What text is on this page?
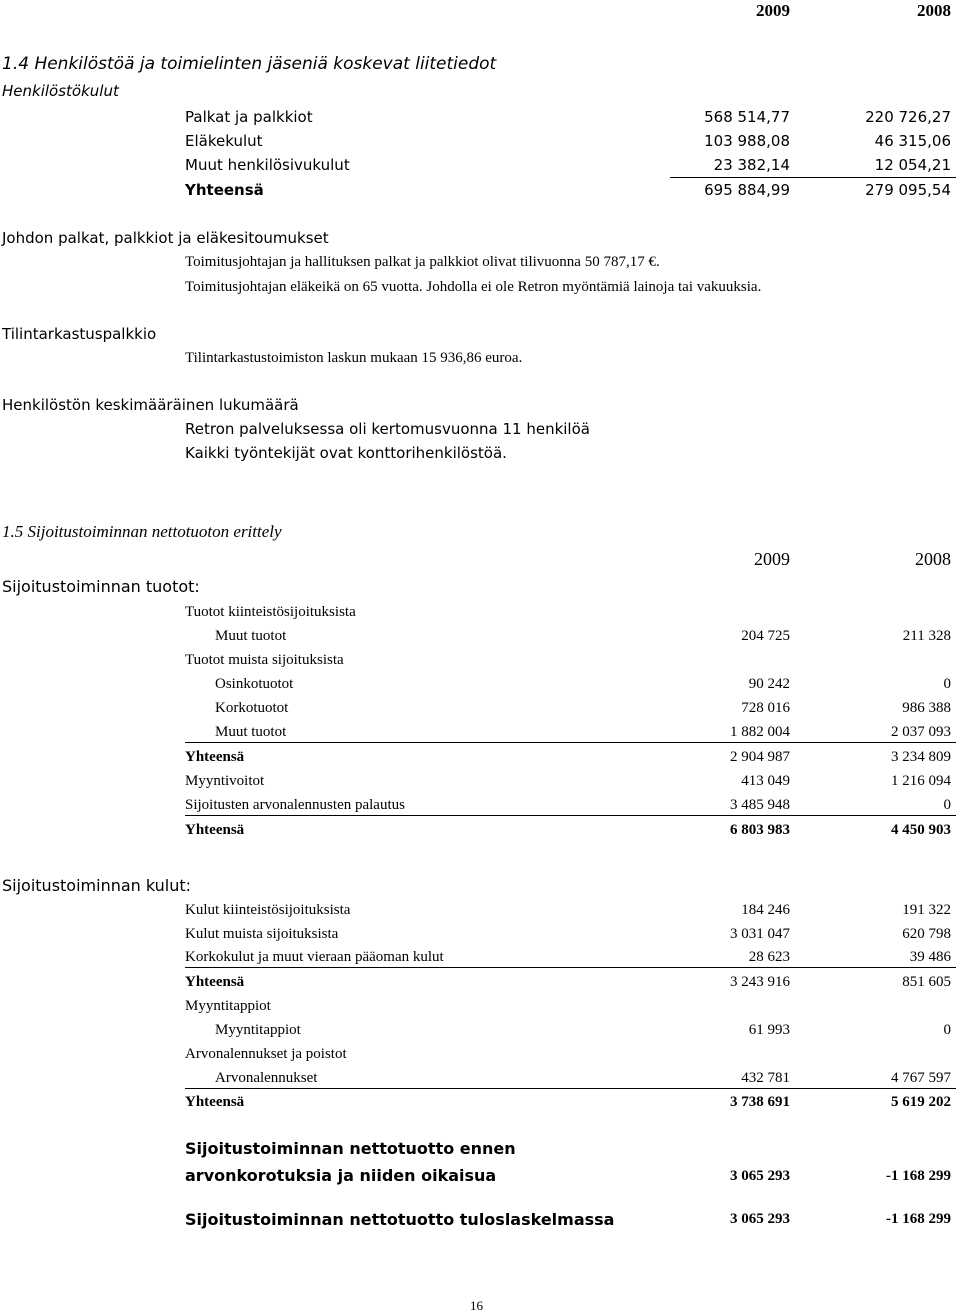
2009	2008
1.4 Henkilöstöä ja toimielinten jäseniä koskevat liitetiedot
Henkilöstökulut
Palkat ja palkkiot	568 514,77	220 726,27
Eläkekulut	103 988,08	46 315,06
Muut henkilösivukulut	23 382,14	12 054,21
Yhteensä	695 884,99	279 095,54
Johdon palkat, palkkiot ja eläkesitoumukset
Toimitusjohtajan ja hallituksen palkat ja palkkiot olivat tilivuonna 50 787,17 €.
Toimitusjohtajan eläkeikä on 65 vuotta. Johdolla ei ole Retron myöntämiä lainoja tai vakuuksia.
Tilintarkastuspalkkio
Tilintarkastustoimiston laskun mukaan 15 936,86 euroa.
Henkilöstön keskimääräinen lukumäärä
Retron palveluksessa oli kertomusvuonna 11 henkilöä
Kaikki työntekijät ovat konttorihenkilöstöä.
1.5 Sijoitustoiminnan nettotuoton erittely
2009	2008
Sijoitustoiminnan tuotot:
Tuotot kiinteistösijoituksista
Muut tuotot	204 725	211 328
Tuotot muista sijoituksista
Osinkotuotot	90 242	0
Korkotuotot	728 016	986 388
Muut tuotot	1 882 004	2 037 093
Yhteensä	2 904 987	3 234 809
Myyntivoitot	413 049	1 216 094
Sijoitusten arvonalennusten palautus	3 485 948	0
Yhteensä	6 803 983	4 450 903
Sijoitustoiminnan kulut:
Kulut kiinteistösijoituksista	184 246	191 322
Kulut muista sijoituksista	3 031 047	620 798
Korkokulut ja muut vieraan pääoman kulut	28 623	39 486
Yhteensä	3 243 916	851 605
Myyntitappiot
Myyntitappiot	61 993	0
Arvonalennukset ja poistot
Arvonalennukset	432 781	4 767 597
Yhteensä	3 738 691	5 619 202
Sijoitustoiminnan nettotuotto ennen
arvonkorotuksia ja niiden oikaisua	3 065 293	-1 168 299
Sijoitustoiminnan nettotuotto tuloslaskelmassa	3 065 293	-1 168 299
16
